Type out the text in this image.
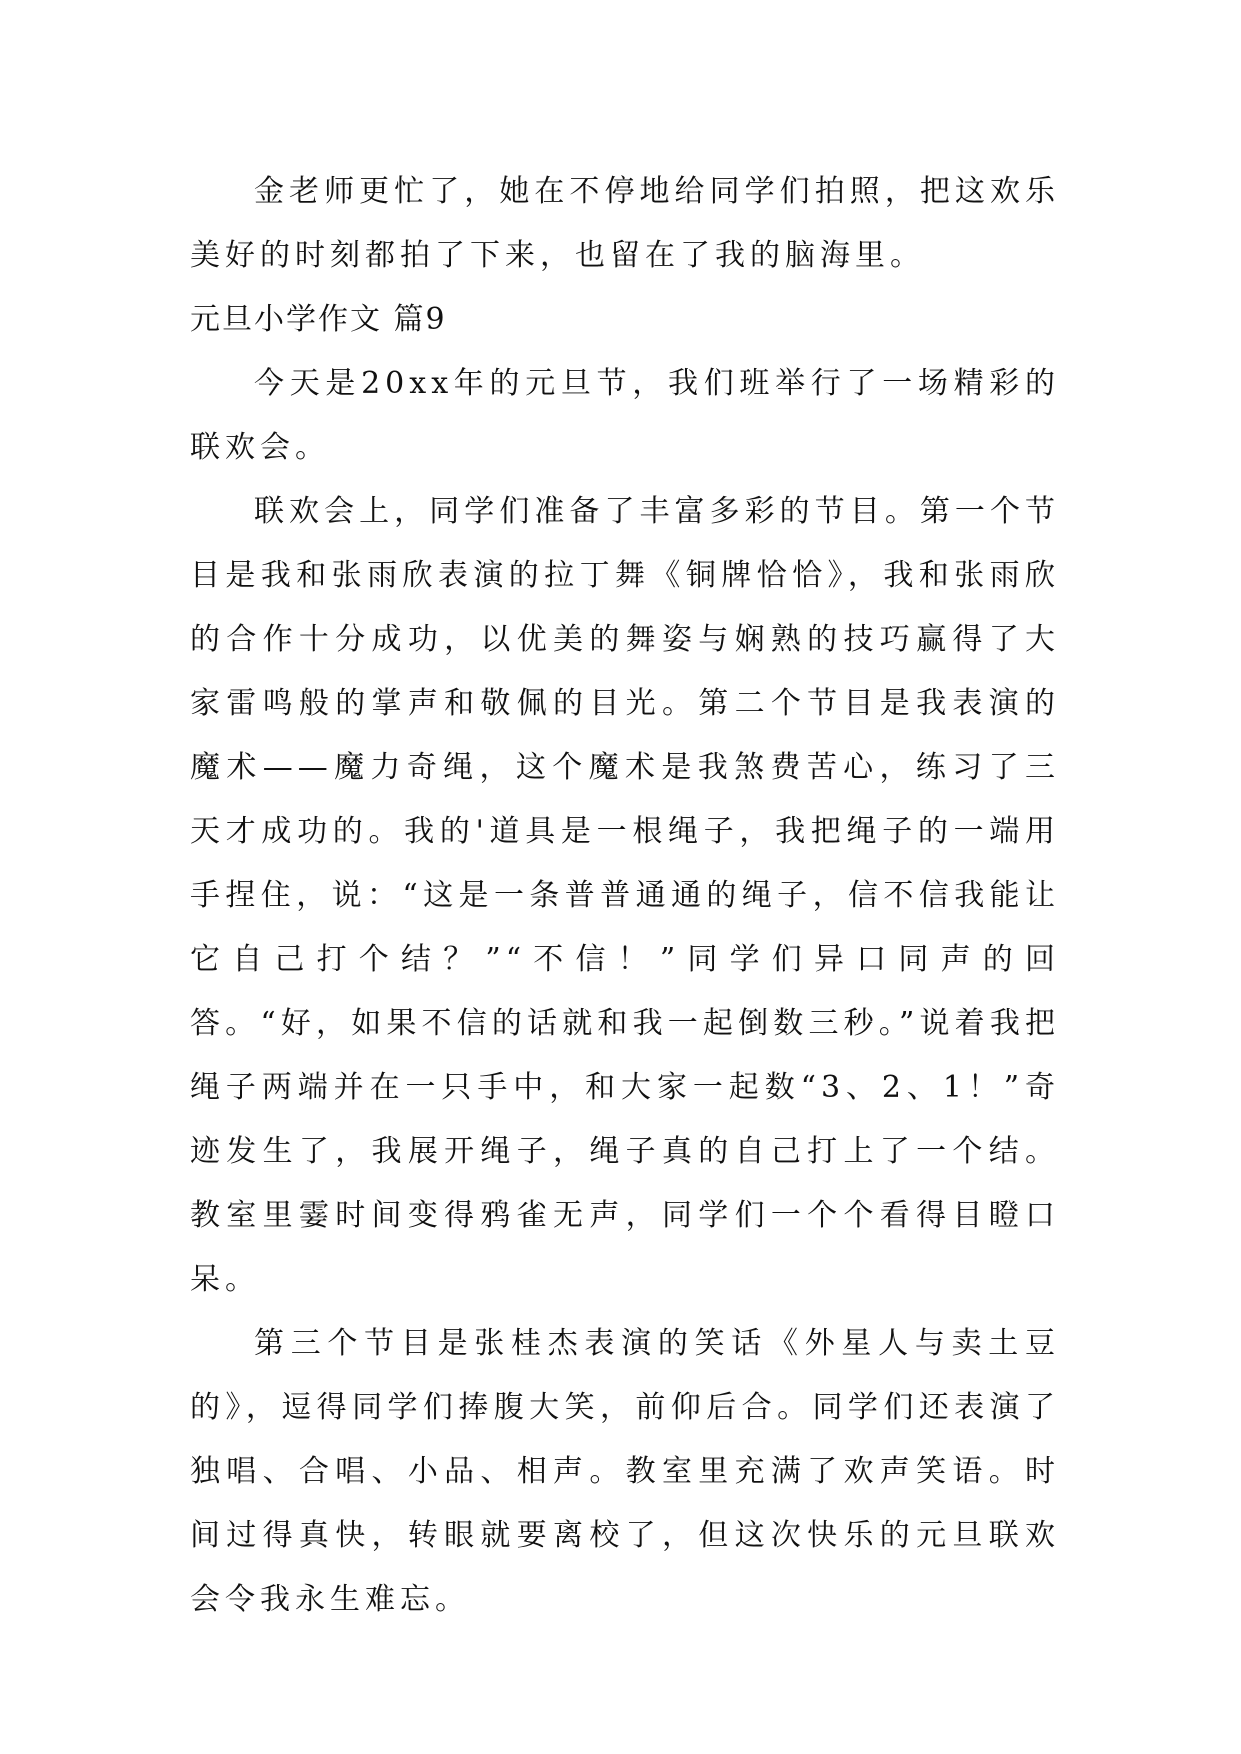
金老师更忙了，她在不停地给同学们拍照，把这欢乐美好的时刻都拍了下来，也留在了我的脑海里。

元旦小学作文 篇9

今天是20xx年的元旦节，我们班举行了一场精彩的联欢会。

联欢会上，同学们准备了丰富多彩的节目。第一个节目是我和张雨欣表演的拉丁舞《铜牌恰恰》，我和张雨欣的合作十分成功，以优美的舞姿与娴熟的技巧赢得了大家雷鸣般的掌声和敬佩的目光。第二个节目是我表演的魔术——魔力奇绳，这个魔术是我煞费苦心，练习了三天才成功的。我的'道具是一根绳子，我把绳子的一端用手捏住，说：“这是一条普普通通的绳子，信不信我能让它自己打个结？”“不信！”同学们异口同声的回答。“好，如果不信的话就和我一起倒数三秒。”说着我把绳子两端并在一只手中，和大家一起数“3、2、1！”奇迹发生了，我展开绳子，绳子真的自己打上了一个结。教室里霎时间变得鸦雀无声，同学们一个个看得目瞪口呆。

第三个节目是张桂杰表演的笑话《外星人与卖土豆的》，逗得同学们捧腹大笑，前仰后合。同学们还表演了独唱、合唱、小品、相声。教室里充满了欢声笑语。时间过得真快，转眼就要离校了，但这次快乐的元旦联欢会令我永生难忘。
